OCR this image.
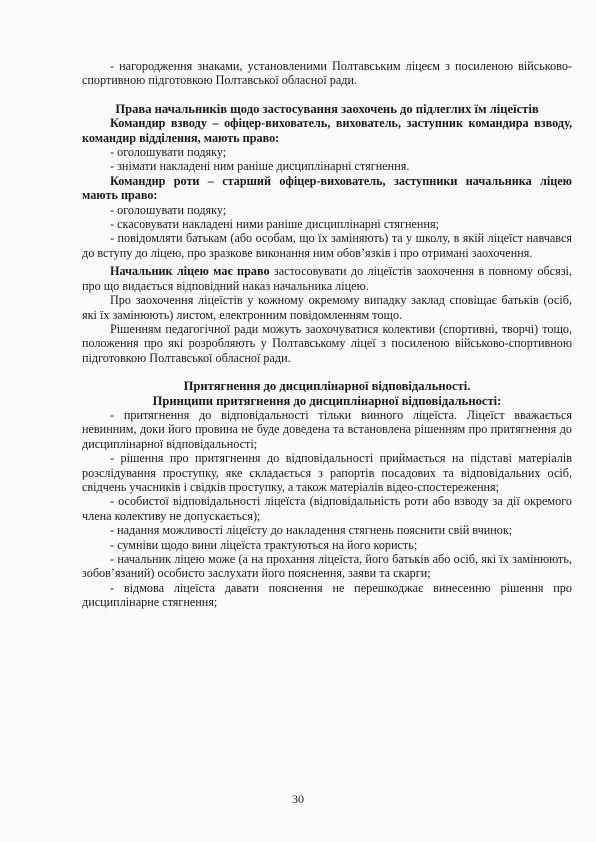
- нагородження знаками, установленими Полтавським ліцеєм з посиленою військово-спортивною підготовкою Полтавської обласної ради.

Права начальників щодо застосування заохочень до підлеглих їм ліцеїстів

Командир взводу – офіцер-вихователь, вихователь, заступник командира взводу, командир відділення, мають право:

- оголошувати подяку;

- знімати накладені ним раніше дисциплінарні стягнення.

Командир роти – старший офіцер-вихователь, заступники начальника ліцею мають право:

- оголошувати подяку;

- скасовувати накладені ними раніше дисциплінарні стягнення;

- повідомляти батькам (або особам, що їх заміняють) та у школу, в якій ліцеїст навчався до вступу до ліцею, про зразкове виконання ним обов’язків і про отримані заохочення.

Начальник ліцею має право застосовувати до ліцеїстів заохочення в повному обсязі, про що видається відповідний наказ начальника ліцею.

Про заохочення ліцеїстів у кожному окремому випадку заклад сповіщає батьків (осіб, які їх замінюють) листом, електронним повідомленням тощо.

Рішенням педагогічної ради можуть заохочуватися колективи (спортивні, творчі) тощо, положення про які розробляють у Полтавському ліцеї з посиленою військово-спортивною підготовкою Полтавської обласної ради.

Притягнення до дисциплінарної відповідальності.

Принципи притягнення до дисциплінарної відповідальності:

- притягнення до відповідальності тільки винного ліцеїста. Ліцеїст вважається невинним, доки його провина не буде доведена та встановлена рішенням про притягнення до дисциплінарної відповідальності;

- рішення про притягнення до відповідальності приймається на підставі матеріалів розслідування проступку, яке складається з рапортів посадових та відповідальних осіб, свідчень учасників і свідків проступку, а також матеріалів відео-спостереження;

- особистої відповідальності ліцеїста (відповідальність роти або взводу за дії окремого члена колективу не допускається);

- надання можливості ліцеїсту до накладення стягнень пояснити свій вчинок;

- сумніви щодо вини ліцеїста трактуються на його користь;

- начальник ліцею може (а на прохання ліцеїста, його батьків або осіб, які їх замінюють, зобов’язаний) особисто заслухати його пояснення, заяви та скарги;

- відмова ліцеїста давати пояснення не перешкоджає винесенню рішення про дисциплінарне стягнення;

30
